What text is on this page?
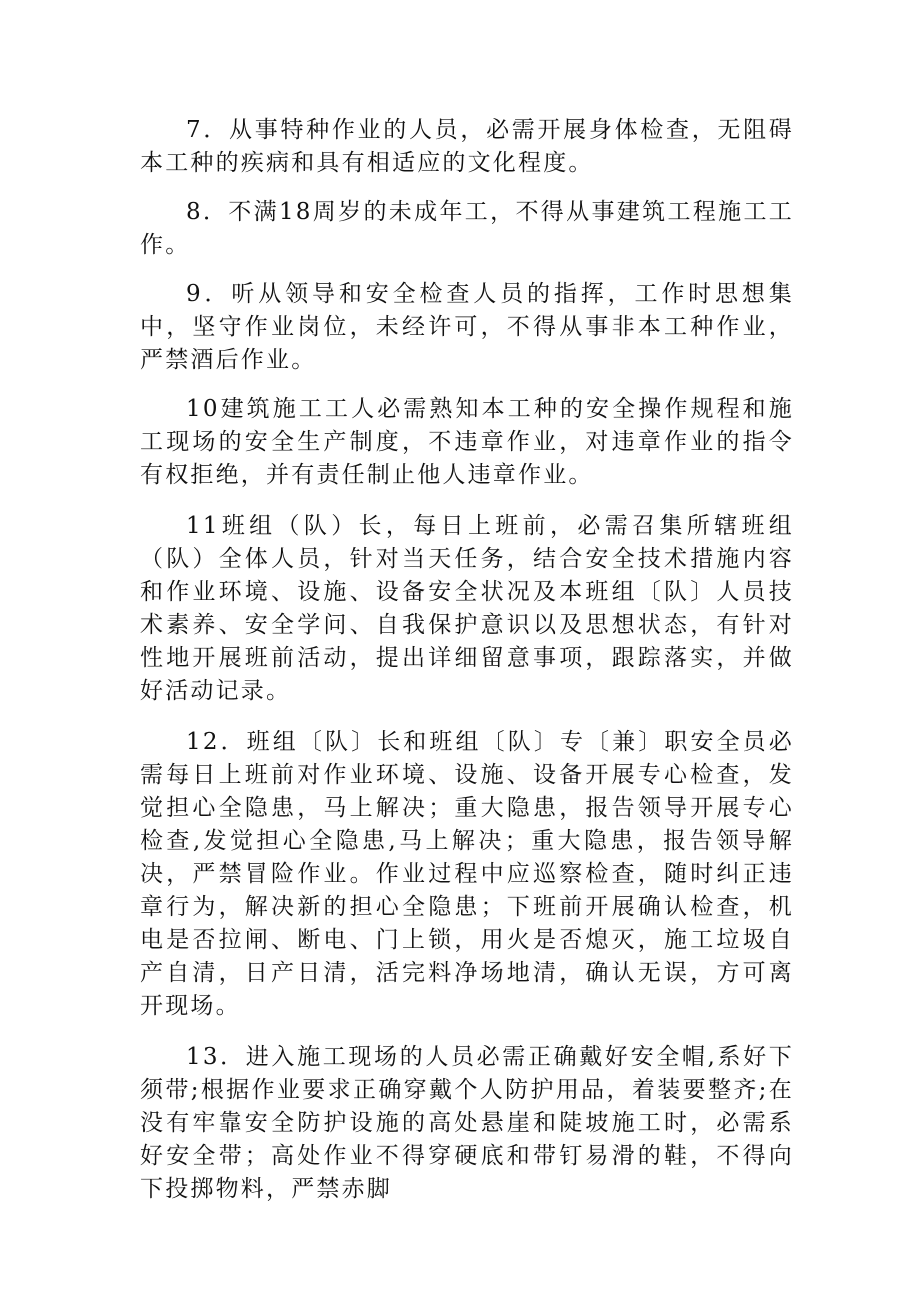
7．从事特种作业的人员，必需开展身体检查，无阻碍本工种的疾病和具有相适应的文化程度。

8．不满18周岁的未成年工，不得从事建筑工程施工工作。

9．听从领导和安全检查人员的指挥，工作时思想集中，坚守作业岗位，未经许可，不得从事非本工种作业，严禁酒后作业。

10建筑施工工人必需熟知本工种的安全操作规程和施工现场的安全生产制度，不违章作业，对违章作业的指令有权拒绝，并有责任制止他人违章作业。

11班组（队）长，每日上班前，必需召集所辖班组（队）全体人员，针对当天任务，结合安全技术措施内容和作业环境、设施、设备安全状况及本班组〔队〕人员技术素养、安全学问、自我保护意识以及思想状态，有针对性地开展班前活动，提出详细留意事项，跟踪落实，并做好活动记录。

12．班组〔队〕长和班组〔队〕专〔兼〕职安全员必需每日上班前对作业环境、设施、设备开展专心检查，发觉担心全隐患，马上解决；重大隐患，报告领导开展专心检查,发觉担心全隐患,马上解决；重大隐患，报告领导解决，严禁冒险作业。作业过程中应巡察检查，随时纠正违章行为，解决新的担心全隐患；下班前开展确认检查，机电是否拉闸、断电、门上锁，用火是否熄灭，施工垃圾自产自清，日产日清，活完料净场地清，确认无误，方可离开现场。

13．进入施工现场的人员必需正确戴好安全帽,系好下须带;根据作业要求正确穿戴个人防护用品，着装要整齐;在没有牢靠安全防护设施的高处悬崖和陡坡施工时，必需系好安全带；高处作业不得穿硬底和带钉易滑的鞋，不得向下投掷物料，严禁赤脚
